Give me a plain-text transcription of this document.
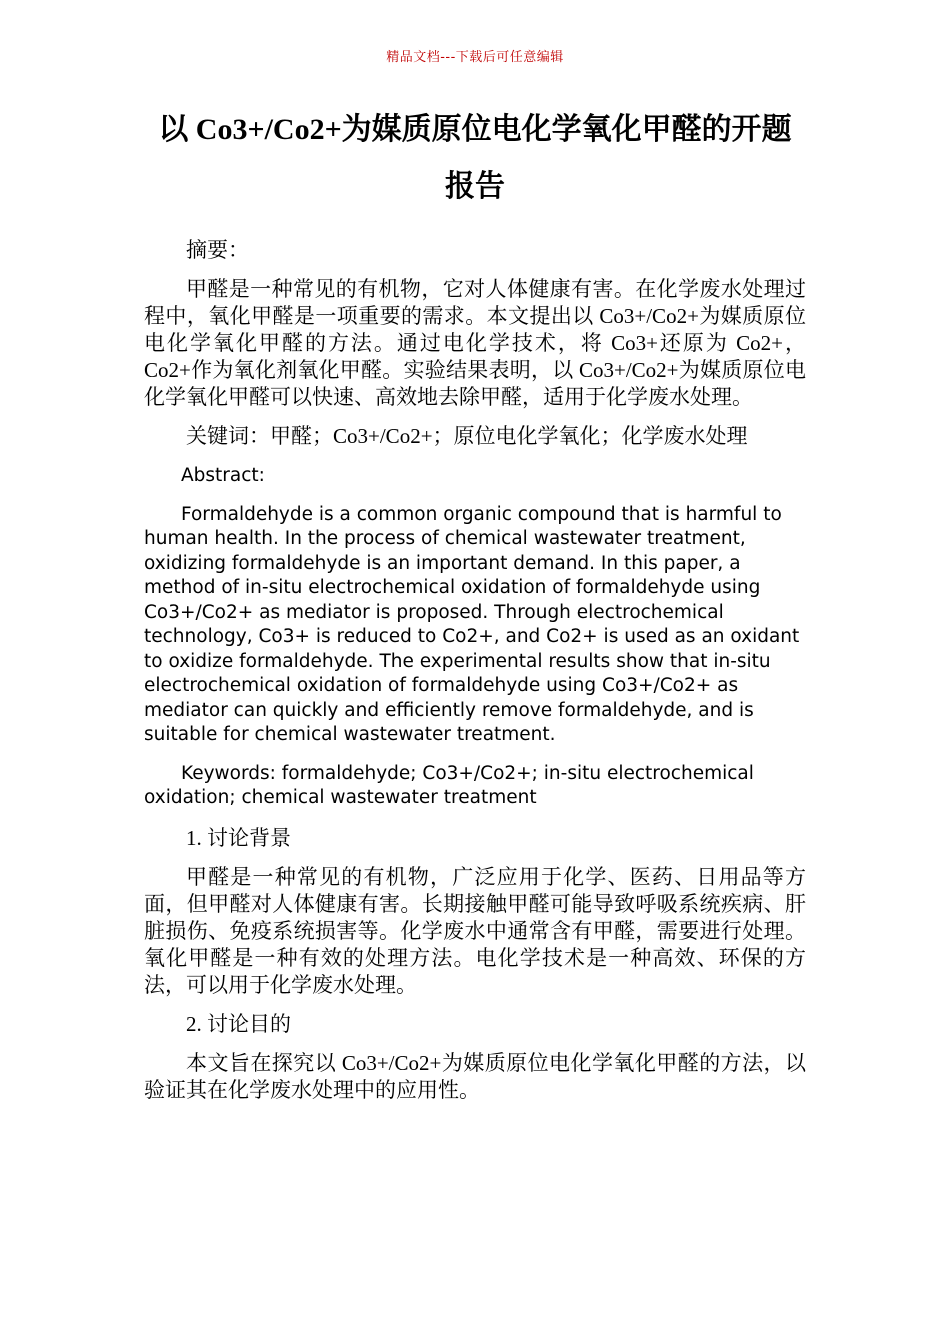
精品文档---下载后可任意编辑
以 Co3+/Co2+为媒质原位电化学氧化甲醛的开题报告

摘要：

甲醛是一种常见的有机物，它对人体健康有害。在化学废水处理过程中，氧化甲醛是一项重要的需求。本文提出以 Co3+/Co2+为媒质原位电化学氧化甲醛的方法。通过电化学技术，将 Co3+还原为 Co2+，Co2+作为氧化剂氧化甲醛。实验结果表明，以 Co3+/Co2+为媒质原位电化学氧化甲醛可以快速、高效地去除甲醛，适用于化学废水处理。

关键词：甲醛；Co3+/Co2+；原位电化学氧化；化学废水处理

Abstract:

Formaldehyde is a common organic compound that is harmful to human health. In the process of chemical wastewater treatment, oxidizing formaldehyde is an important demand. In this paper, a method of in-situ electrochemical oxidation of formaldehyde using Co3+/Co2+ as mediator is proposed. Through electrochemical technology, Co3+ is reduced to Co2+, and Co2+ is used as an oxidant to oxidize formaldehyde. The experimental results show that in-situ electrochemical oxidation of formaldehyde using Co3+/Co2+ as mediator can quickly and efficiently remove formaldehyde, and is suitable for chemical wastewater treatment.

Keywords: formaldehyde; Co3+/Co2+; in-situ electrochemical oxidation; chemical wastewater treatment

1. 讨论背景

甲醛是一种常见的有机物，广泛应用于化学、医药、日用品等方面，但甲醛对人体健康有害。长期接触甲醛可能导致呼吸系统疾病、肝脏损伤、免疫系统损害等。化学废水中通常含有甲醛，需要进行处理。氧化甲醛是一种有效的处理方法。电化学技术是一种高效、环保的方法，可以用于化学废水处理。

2. 讨论目的

本文旨在探究以 Co3+/Co2+为媒质原位电化学氧化甲醛的方法，以验证其在化学废水处理中的应用性。
